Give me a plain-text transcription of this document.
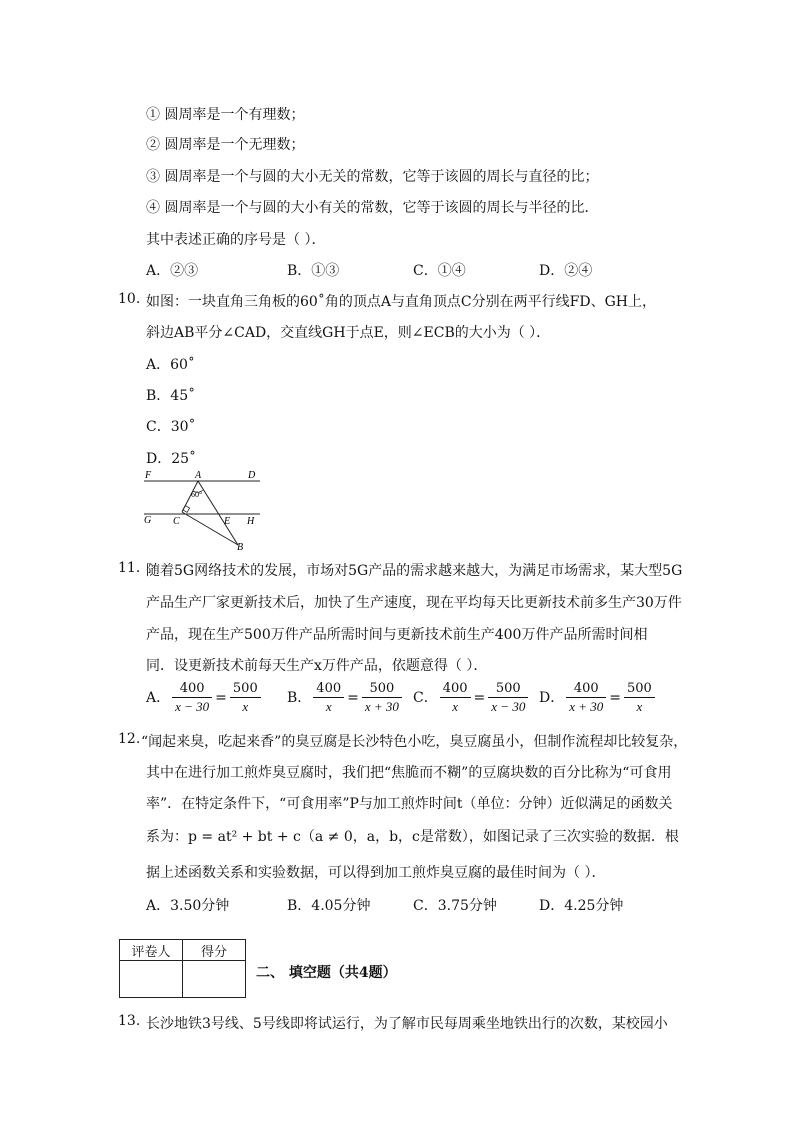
① 圆周率是一个有理数；
② 圆周率是一个无理数；
③ 圆周率是一个与圆的大小无关的常数，它等于该圆的周长与直径的比；
④ 圆周率是一个与圆的大小有关的常数，它等于该圆的周长与半径的比．
其中表述正确的序号是（ ）．
A．②③	B．①③	C．①④	D．②④
10. 如图：一块直角三角板的60˚角的顶点A与直角顶点C分别在两平行线FD、GH上，
斜边AB平分∠CAD，交直线GH于点E，则∠ECB的大小为（ ）．
A．60˚
B．45˚
C．30˚
D．25˚
F	A	D
60°
G C	E H
B
11. 随着5G网络技术的发展，市场对5G产品的需求越来越大，为满足市场需求，某大型5G
产品生产厂家更新技术后，加快了生产速度，现在平均每天比更新技术前多生产30万件
产品，现在生产500万件产品所需时间与更新技术前生产400万件产品所需时间相
同．设更新技术前每天生产x万件产品，依题意得（ ）．
A． $\frac{400}{x - 30} = \frac{500}{x}$ B． $\frac{400}{x} = \frac{500}{x + 30}$ C． $\frac{400}{x} = \frac{500}{x - 30}$ D． $\frac{400}{x + 30} = \frac{500}{x}$
12. “闻起来臭，吃起来香”的臭豆腐是长沙特色小吃，臭豆腐虽小，但制作流程却比较复杂，
其中在进行加工煎炸臭豆腐时，我们把“焦脆而不糊”的豆腐块数的百分比称为“可食用
率”．在特定条件下，“可食用率”P与加工煎炸时间t（单位：分钟）近似满足的函数关
系为：p = at² + bt + c（a ≠ 0，a，b，c是常数），如图记录了三次实验的数据．根
据上述函数关系和实验数据，可以得到加工煎炸臭豆腐的最佳时间为（ ）．
A．3.50分钟	B．4.05分钟	C．3.75分钟	D．4.25分钟
评卷人	得分

二、 填空题（共4题）
13. 长沙地铁3号线、5号线即将试运行，为了解市民每周乘坐地铁出行的次数，某校园小
